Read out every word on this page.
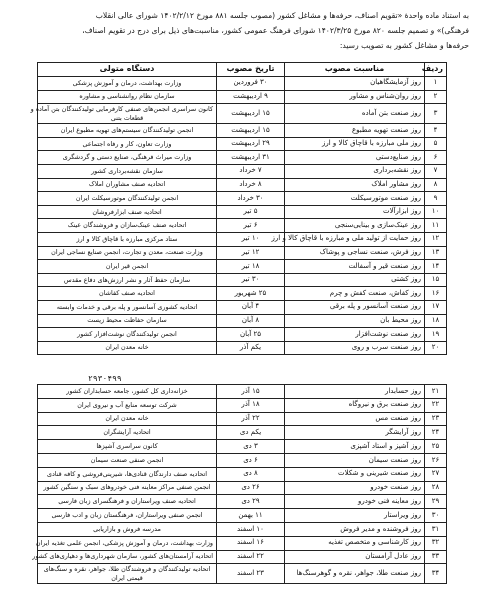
به استناد ماده واحدۀ «تقویم اصناف، حرفه‌ها و مشاغل کشور (مصوب جلسه ۸۸۱ مورخ ۱۴۰۲/۲/۱۲ شورای عالی انقلاب

فرهنگی)» و تصمیم جلسه ۸۲۰ مورخ ۱۴۰۲/۳/۲۵ شورای فرهنگ عمومی کشور، مناسبت‌های ذیل برای درج در تقویم اصناف،

حرفه‌ها و مشاغل کشور به تصویب رسید:

ردیف	مناسبت مصوب	تاریخ مصوب	دستگاه متولی
۱	روز آزمایشگاهیان	۳۰ فروردین	وزارت بهداشت، درمان و آموزش پزشکی

۲	روز روان‌شناس و مشاور	۹ اردیبهشت	سازمان نظام روانشناسی و مشاوره

۳	روز صنعت بتن آماده	۱۵ اردیبهشت	کانون سراسری انجمن‌های صنفی کارفرمایی تولیدکنندگان بتن آماده و
قطعات بتنی

۴	روز صنعت تهویه مطبوع	۱۵ اردیبهشت	انجمن تولیدکنندگان سیستم‌های تهویه مطبوع ایران

۵	روز ملی مبارزه با قاچاق کالا و ارز	۲۹ اردیبهشت	وزارت تعاون، کار و رفاه اجتماعی

۶	روز صنایع‌دستی	۳۱ اردیبهشت	وزارت میراث فرهنگی، صنایع دستی و گردشگری

۷	روز نقشه‌برداری	۷ خرداد	سازمان نقشه‌برداری کشور

۸	روز مشاور املاک	۸ خرداد	اتحادیه صنف مشاوران املاک

۹	روز صنعت موتورسیکلت	۳۰ خرداد	انجمن تولیدکنندگان موتورسیکلت ایران

۱۰	روز ابزارآلات	۵ تیر	اتحادیه صنف ابزارفروشان

۱۱	روز عینک‌سازی و بینایی‌سنجی	۶ تیر	اتحادیه صنف عینک‌سازان و فروشندگان عینک

۱۲	روز حمایت از تولید ملی و مبارزه با قاچاق کالا و ارز	۱۰ تیر	ستاد مرکزی مبارزه با قاچاق کالا و ارز

۱۳	روز فرش، صنعت نساجی و پوشاک	۱۲ تیر	وزارت صنعت، معدن و تجارت، انجمن صنایع نساجی ایران

۱۴	روز صنعت قیر و آسفالت	۱۸ تیر	انجمن قیر ایران

۱۵	روز کشتی	۳۰ تیر	سازمان حفظ آثار و نشر ارزش‌های دفاع مقدس

۱۶	روز کفاش، صنعت کفش و چرم	۲۵ شهریور	اتحادیه صنف کفاشان

۱۷	روز صنعت آسانسور و پله برقی	۴ آبان	اتحادیه کشوری آسانسور و پله برقی و خدمات وابسته

۱۸	روز محیط بان	۸ آبان	سازمان حفاظت محیط زیست

۱۹	روز صنعت نوشت‌افزار	۲۵ آبان	انجمن تولیدکنندگان نوشت‌افزار کشور

۲۰	روز صنعت سرب و روی	یکم آذر	خانه معدن ایران
۲۹۳۰۴۹۹
۲۱	روز حسابدار	۱۵ آذر	خزانه‌داری کل کشور، جامعه حسابداران کشور

۲۲	روز صنعت برق و نیروگاه	۱۸ آذر	شرکت توسعه منابع آب و نیروی ایران

۲۳	روز صنعت مس	۲۲ آذر	خانه معدن ایران

۲۴	روز آرایشگر	یکم دی	اتحادیه آرایشگران

۲۵	روز آشپز و استاد آشپزی	۳ دی	کانون سراسری آشپزها

۲۶	روز صنعت سیمان	۶ دی	انجمن صنفی صنعت سیمان

۲۷	روز صنعت شیرینی و شکلات	۸ دی	اتحادیه صنف دارندگان قنادی‌ها، شیرینی‌فروشی و کافه قنادی

۲۸	روز صنعت خودرو	۲۶ دی	انجمن صنفی مراکز معاینه فنی خودروهای سبک و سنگین کشور

۲۹	روز معاینه فنی خودرو	۲۹ دی	اتحادیه صنف ویراستاران و فرهنگسرای زبان فارسی

۳۰	روز ویراستار	۱۱ بهمن	انجمن صنفی ویراستاران، فرهنگستان زبان و ادب فارسی

۳۱	روز فروشنده و مدیر فروش	۱۰ اسفند	مدرسه فروش و بازاریابی

۳۲	روز کارشناسی و متخصص تغذیه	۱۶ اسفند	وزارت بهداشت، درمان و آموزش پزشکی، انجمن علمی تغذیه ایران

۳۳	روز عادل آرامستان	۲۲ اسفند	اتحادیه آرامستان‌های کشور، سازمان شهرداری‌ها و دهیاری‌های کشور

۳۴	روز صنعت طلا، جواهر، نقره و گوهرسنگ‌ها	۲۳ اسفند	اتحادیه تولیدکنندگان و فروشندگان طلا، جواهر، نقره و سنگ‌های
قیمتی ایران
